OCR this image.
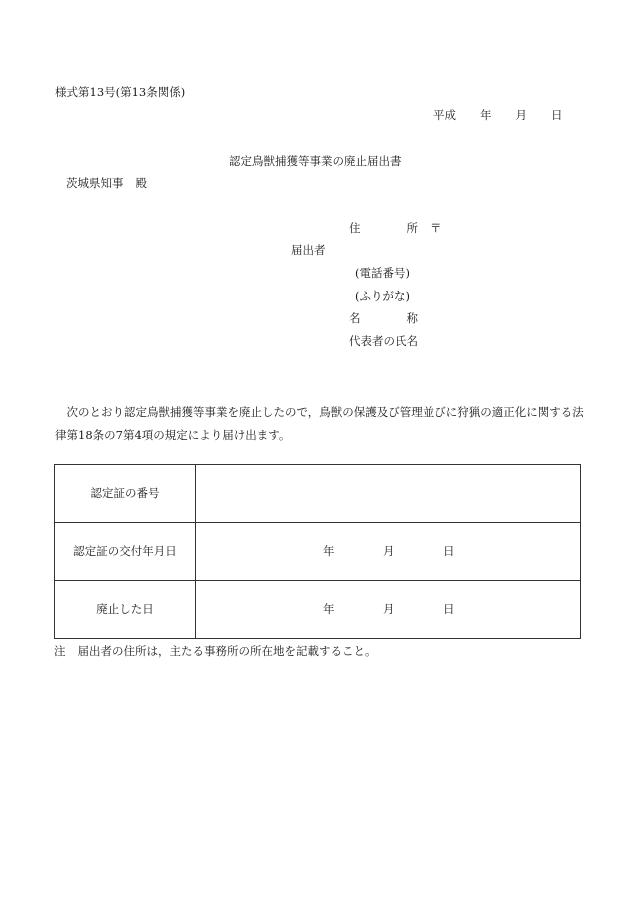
様式第13号(第13条関係)

平成 年 月 日

認定鳥獣捕獲等事業の廃止届出書

茨城県知事 殿

住　　　　所 〒

届出者

(電話番号)

(ふりがな)

名　　　　称

代表者の氏名

次のとおり認定鳥獣捕獲等事業を廃止したので，鳥獣の保護及び管理並びに狩猟の適正化に関する法律第18条の7第4項の規定により届け出ます。

認定証の番号	
認定証の交付年月日	年 月 日

廃止した日	年 月 日

注 届出者の住所は，主たる事務所の所在地を記載すること。
